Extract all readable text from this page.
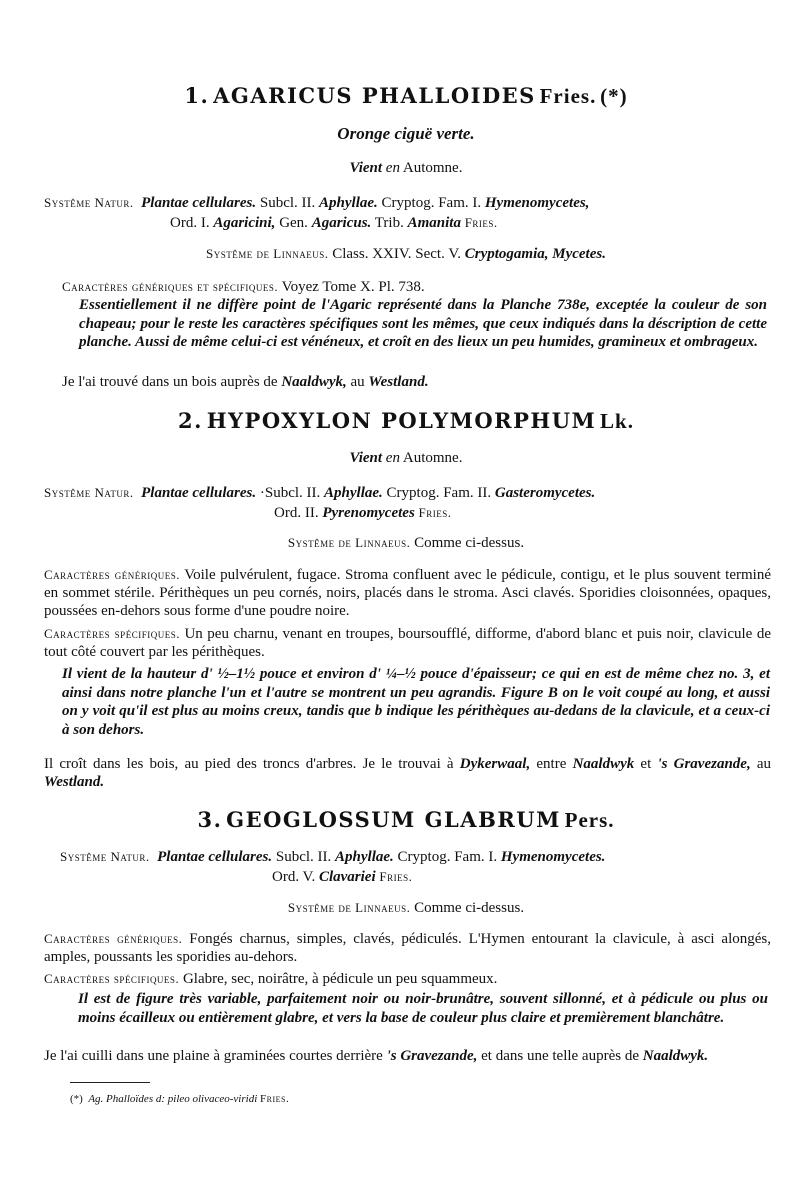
1. AGARICUS PHALLOIDES Fries. (*)
Oronge ciguë verte.
Vient en Automne.
Systême Natur. Plantae cellulares. Subcl. II. Aphyllae. Cryptog. Fam. I. Hymenomycetes,
Ord. I. Agaricini, Gen. Agaricus. Trib. Amanita Fries.
Systême de Linnaeus. Class. XXIV. Sect. V. Cryptogamia, Mycetes.
Caractères génériques et spécifiques. Voyez Tome X. Pl. 738.
Essentiellement il ne diffère point de l'Agaric représenté dans la Planche 738e, exceptée la couleur de son chapeau; pour le reste les caractères spécifiques sont les mêmes, que ceux indiqués dans la déscription de cette planche. Aussi de même celui-ci est vénéneux, et croît en des lieux un peu humides, gramineux et ombrageux.
Je l'ai trouvé dans un bois auprès de Naaldwyk, au Westland.
2. HYPOXYLON POLYMORPHUM Lk.
Vient en Automne.
Systême Natur. Plantae cellulares. ·Subcl. II. Aphyllae. Cryptog. Fam. II. Gasteromycetes.
Ord. II. Pyrenomycetes Fries.
Systême de Linnaeus. Comme ci-dessus.
Caractères génériques. Voile pulvérulent, fugace. Stroma confluent avec le pédicule, contigu, et le plus souvent terminé en sommet stérile. Périthèques un peu cornés, noirs, placés dans le stroma. Asci clavés. Sporidies cloisonnées, opaques, poussées en-dehors sous forme d'une poudre noire.
Caractères spécifiques. Un peu charnu, venant en troupes, boursoufflé, difforme, d'abord blanc et puis noir, clavicule de tout côté couvert par les périthèques.
Il vient de la hauteur d' ½–1½ pouce et environ d' ¼–½ pouce d'épaisseur; ce qui en est de même chez no. 3, et ainsi dans notre planche l'un et l'autre se montrent un peu agrandis. Figure B on le voit coupé au long, et aussi on y voit qu'il est plus au moins creux, tandis que b indique les périthèques au-dedans de la clavicule, et a ceux-ci à son dehors.
Il croît dans les bois, au pied des troncs d'arbres. Je le trouvai à Dykerwaal, entre Naaldwyk et 's Gravezande, au Westland.
3. GEOGLOSSUM GLABRUM Pers.
Systême Natur. Plantae cellulares. Subcl. II. Aphyllae. Cryptog. Fam. I. Hymenomycetes.
Ord. V. Clavariei Fries.
Systême de Linnaeus. Comme ci-dessus.
Caractères génériques. Fongés charnus, simples, clavés, pédiculés. L'Hymen entourant la clavicule, à asci alongés, amples, poussants les sporidies au-dehors.
Caractères spécifiques. Glabre, sec, noirâtre, à pédicule un peu squammeux.
Il est de figure très variable, parfaitement noir ou noir-brunâtre, souvent sillonné, et à pédicule ou plus ou moins écailleux ou entièrement glabre, et vers la base de couleur plus claire et premièrement blanchâtre.
Je l'ai cuilli dans une plaine à graminées courtes derrière 's Gravezande, et dans une telle auprès de Naaldwyk.
(*) Ag. Phalloïdes d: pileo olivaceo-viridi Fries.
